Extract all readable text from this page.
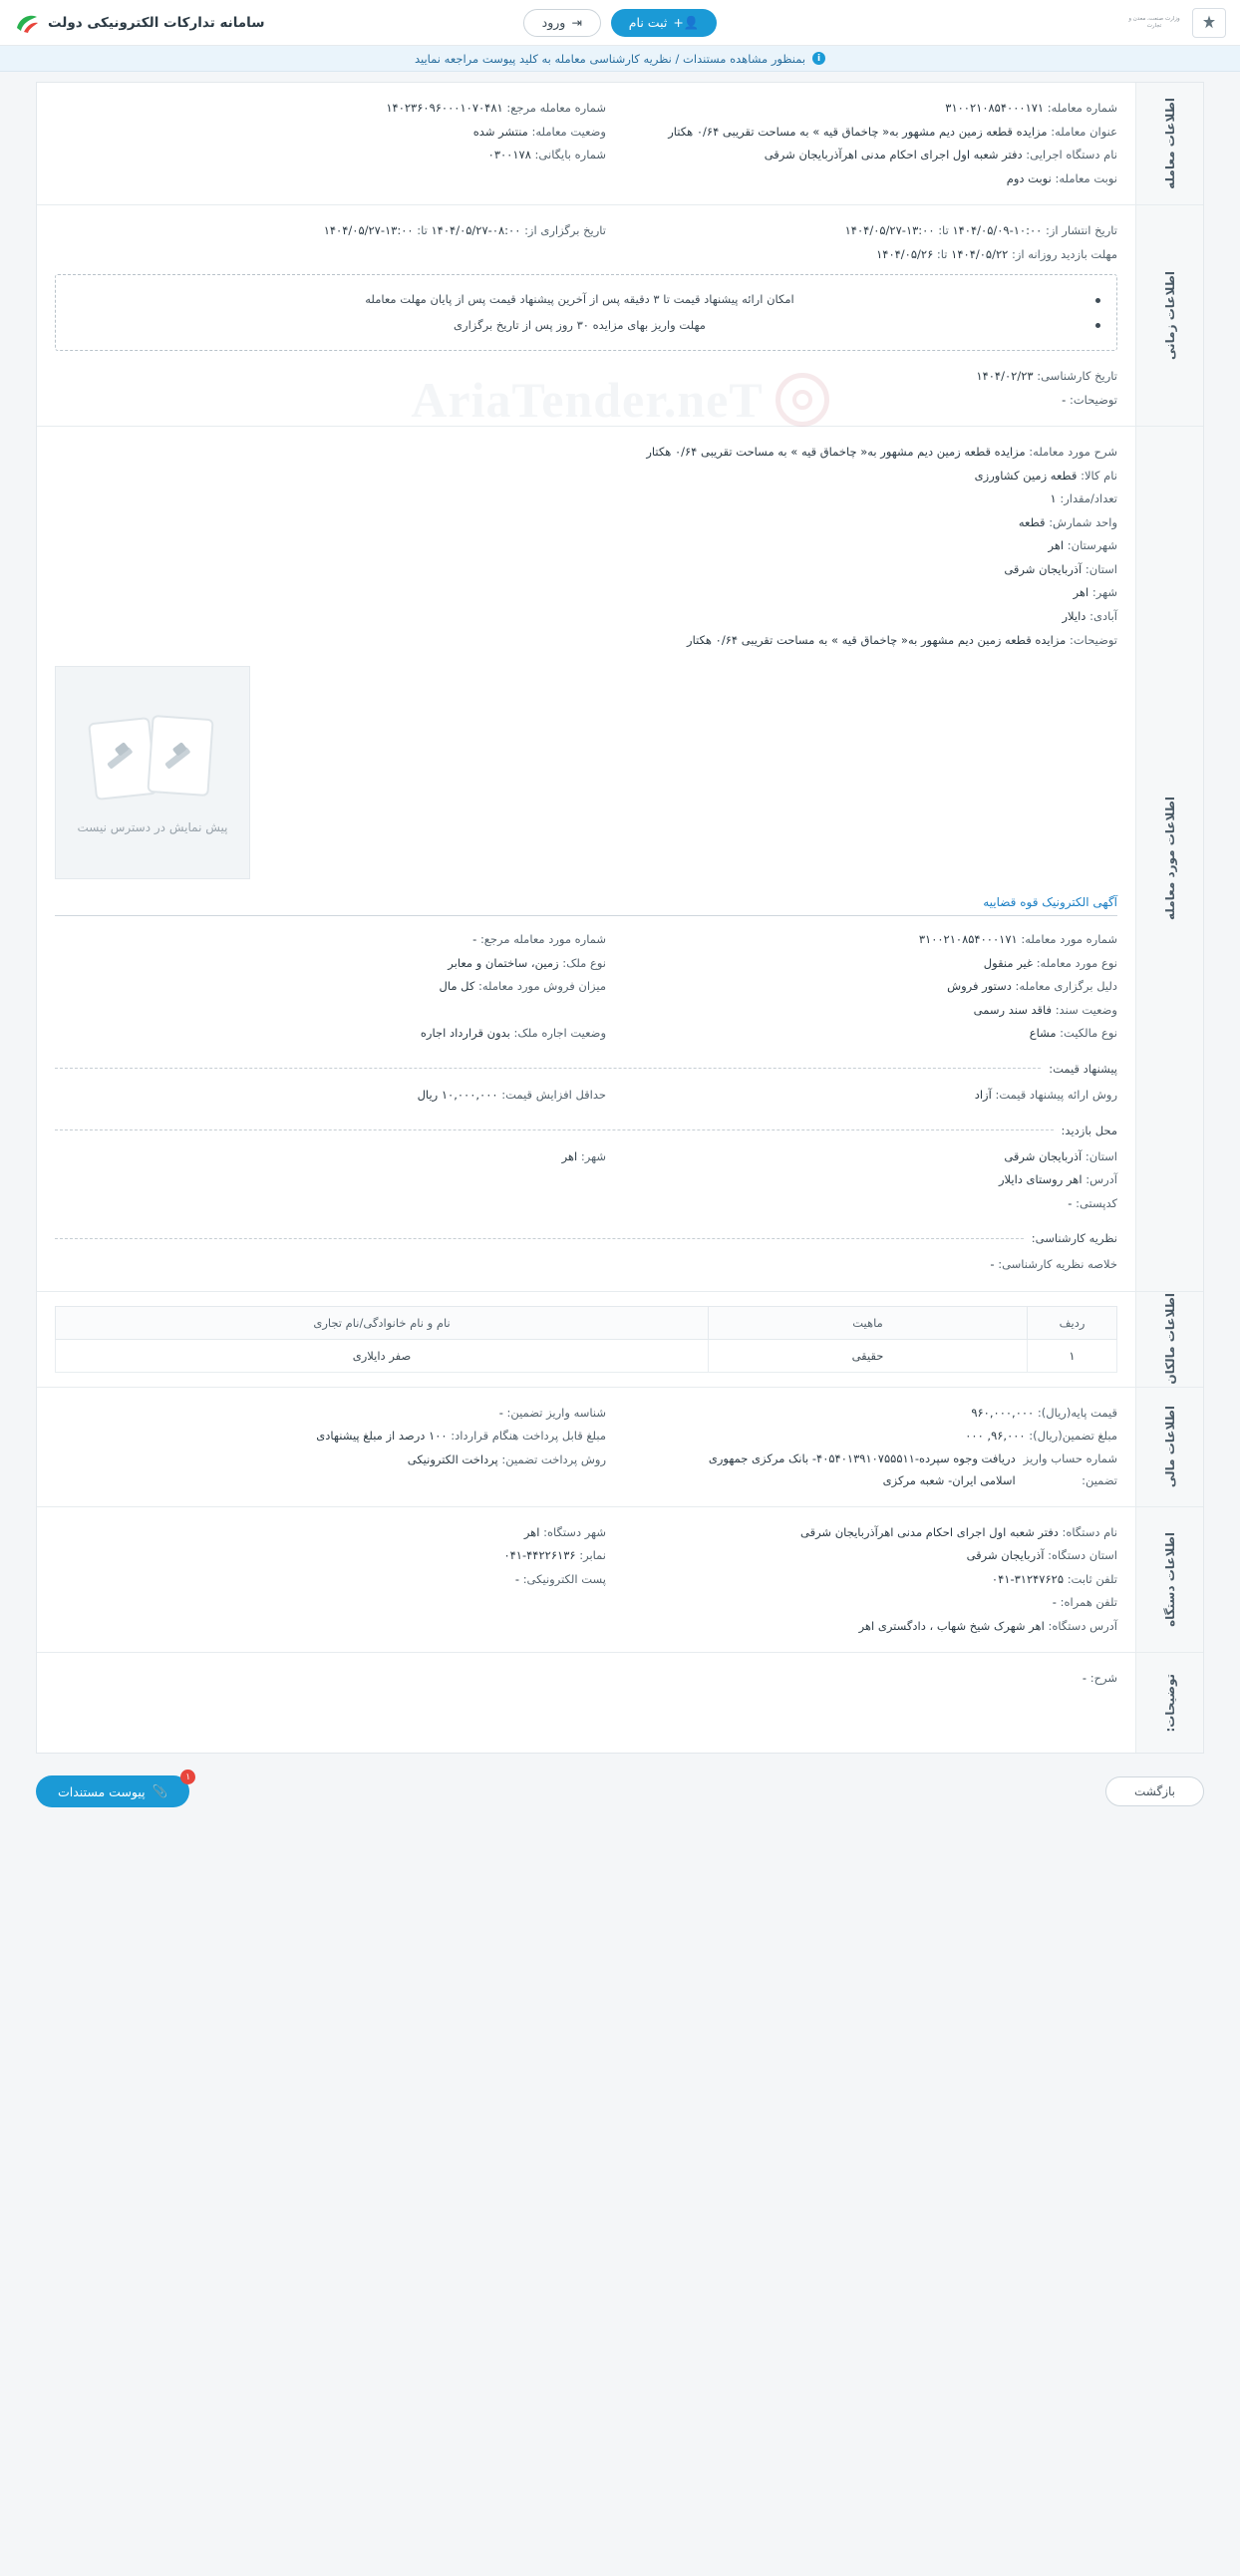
وزارت صنعت، معدن و تجارت
👤+
ثبت نام
⇥
ورود
سامانه تدارکات الکترونیکی دولت
i
بمنظور مشاهده مستندات / نظریه کارشناسی معامله به کلید پیوست مراجعه نمایید
AriaTender.neT
اطلاعات معامله
شماره معامله:

۳۱۰۰۲۱۰۸۵۴۰۰۰۱۷۱
عنوان معامله:

مزایده قطعه زمین دیم مشهور به« چاخماق قیه » به مساحت تقریبی ۰/۶۴ هکتار
نام دستگاه اجرایی:

دفتر شعبه اول اجرای احکام مدنی اهرآذربایجان شرقی
نوبت معامله:

نوبت دوم
شماره معامله مرجع:

۱۴۰۲۳۶۰۹۶۰۰۰۱۰۷۰۴۸۱
وضعیت معامله:

منتشر شده
شماره بایگانی:

۰۳۰۰۱۷۸
اطلاعات زمانی
تاریخ انتشار از:

۱۴۰۴/۰۵/۰۹-۱۰:۰۰

تا:

۱۴۰۴/۰۵/۲۷-۱۳:۰۰
مهلت بازدید روزانه از:

۱۴۰۴/۰۵/۲۲

تا:

۱۴۰۴/۰۵/۲۶
تاریخ برگزاری از:

۱۴۰۴/۰۵/۲۷-۰۸:۰۰

تا:

۱۴۰۴/۰۵/۲۷-۱۳:۰۰
امکان ارائه پیشنهاد قیمت تا ۳ دقیقه پس از آخرین پیشنهاد قیمت پس از پایان مهلت معامله
مهلت واریز بهای مزایده ۳۰ روز پس از تاریخ برگزاری
تاریخ کارشناسی:

۱۴۰۴/۰۲/۲۳
توضیحات:

-
اطلاعات مورد معامله
شرح مورد معامله:

مزایده قطعه زمین دیم مشهور به« چاخماق قیه » به مساحت تقریبی ۰/۶۴ هکتار
نام کالا:

قطعه زمین کشاورزی
تعداد/مقدار:

۱
واحد شمارش:

قطعه
شهرستان:

اهر
استان:

آذربایجان شرقی
شهر:

اهر
آبادی:

دایلار
توضیحات:

مزایده قطعه زمین دیم مشهور به« چاخماق قیه » به مساحت تقریبی ۰/۶۴ هکتار
پیش نمایش در دسترس نیست
آگهی الکترونیک قوه قضاییه
شماره مورد معامله:

۳۱۰۰۲۱۰۸۵۴۰۰۰۱۷۱
نوع مورد معامله:

غیر منقول
دلیل برگزاری معامله:

دستور فروش
وضعیت سند:

فاقد سند رسمی
نوع مالکیت:

مشاع
شماره مورد معامله مرجع:

-
نوع ملک:

زمین، ساختمان و معابر
میزان فروش مورد معامله:

کل مال

وضعیت اجاره ملک:

بدون قرارداد اجاره
پیشنهاد قیمت:
روش ارائه پیشنهاد قیمت:

آزاد
حداقل افزایش قیمت:

۱۰,۰۰۰,۰۰۰ ریال
محل بازدید:
استان:

آذربایجان شرقی
آدرس:

اهر روستای دایلار
کدپستی:

-
شهر:

اهر
نظریه کارشناسی:
خلاصه نظریه کارشناسی:

-
اطلاعات مالکان
ردیف	ماهیت	نام و نام خانوادگی/نام تجاری
۱	حقیقی	صفر دایلاری
اطلاعات مالی
قیمت پایه(ریال):

۹۶۰,۰۰۰,۰۰۰
مبلغ تضمین(ریال):

۹۶,۰۰۰, ۰۰۰
شماره حساب واریز تضمین:

دریافت وجوه سپرده-۴۰۵۴۰۱۳۹۱۰۷۵۵۵۱۱- بانک مرکزی جمهوری اسلامی ایران- شعبه مرکزی
شناسه واریز تضمین:

-
مبلغ قابل پرداخت هنگام قرارداد:

۱۰۰ درصد از مبلغ پیشنهادی
روش پرداخت تضمین:

پرداخت الکترونیکی
اطلاعات دستگاه
نام دستگاه:

دفتر شعبه اول اجرای احکام مدنی اهرآذربایجان شرقی
استان دستگاه:

آذربایجان شرقی
تلفن ثابت:

۰۴۱-۳۱۲۴۷۶۲۵
تلفن همراه:

-
آدرس دستگاه:

اهر شهرک شیخ شهاب ، دادگستری اهر
شهر دستگاه:

اهر
نمابر:

۰۴۱-۴۴۲۲۶۱۳۶
پست الکترونیکی:

-
توضیحات:
شرح:

-
بازگشت
۱
📎
پیوست مستندات
